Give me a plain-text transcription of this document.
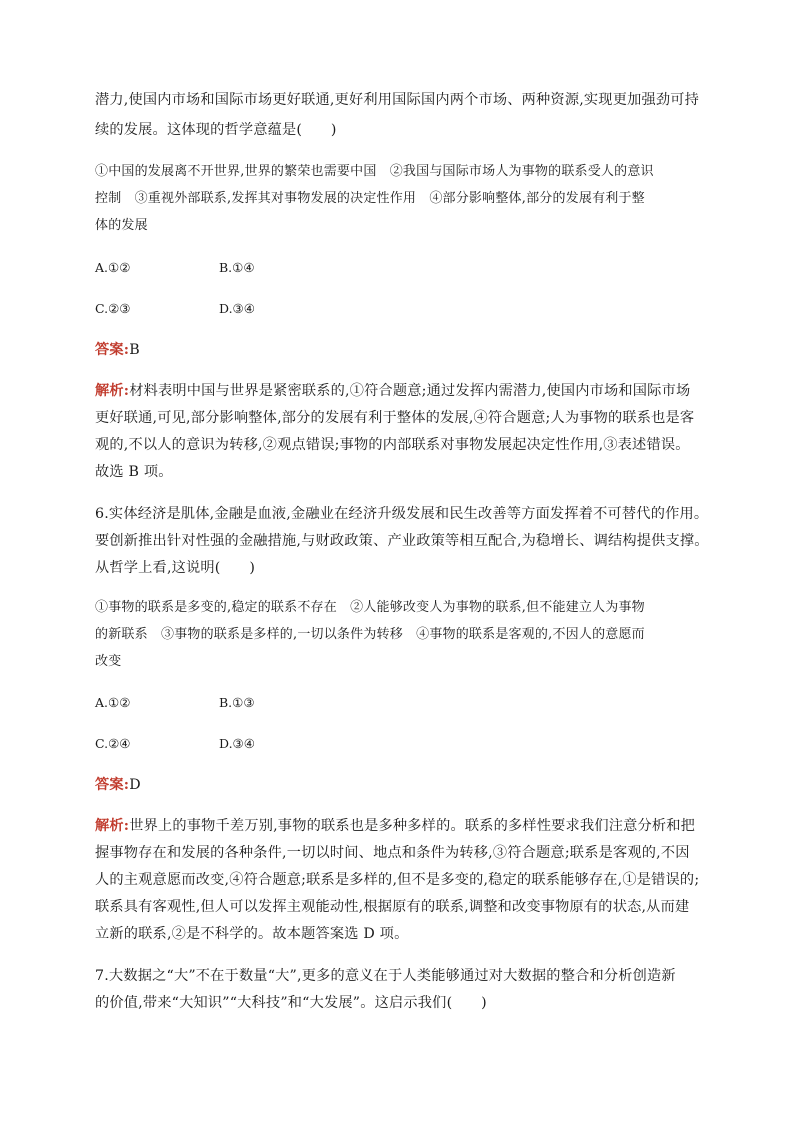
潜力,使国内市场和国际市场更好联通,更好利用国际国内两个市场、两种资源,实现更加强劲可持
续的发展。这体现的哲学意蕴是(　　)
①中国的发展离不开世界,世界的繁荣也需要中国　②我国与国际市场人为事物的联系受人的意识
控制　③重视外部联系,发挥其对事物发展的决定性作用　④部分影响整体,部分的发展有利于整
体的发展
A.①②	B.①④
C.②③	D.③④
答案:B
解析:材料表明中国与世界是紧密联系的,①符合题意;通过发挥内需潜力,使国内市场和国际市场
更好联通,可见,部分影响整体,部分的发展有利于整体的发展,④符合题意;人为事物的联系也是客
观的,不以人的意识为转移,②观点错误;事物的内部联系对事物发展起决定性作用,③表述错误。
故选 B 项。
6.实体经济是肌体,金融是血液,金融业在经济升级发展和民生改善等方面发挥着不可替代的作用。
要创新推出针对性强的金融措施,与财政政策、产业政策等相互配合,为稳增长、调结构提供支撑。
从哲学上看,这说明(　　)
①事物的联系是多变的,稳定的联系不存在　②人能够改变人为事物的联系,但不能建立人为事物
的新联系　③事物的联系是多样的,一切以条件为转移　④事物的联系是客观的,不因人的意愿而
改变
A.①②	B.①③
C.②④	D.③④
答案:D
解析:世界上的事物千差万别,事物的联系也是多种多样的。联系的多样性要求我们注意分析和把
握事物存在和发展的各种条件,一切以时间、地点和条件为转移,③符合题意;联系是客观的,不因
人的主观意愿而改变,④符合题意;联系是多样的,但不是多变的,稳定的联系能够存在,①是错误的;
联系具有客观性,但人可以发挥主观能动性,根据原有的联系,调整和改变事物原有的状态,从而建
立新的联系,②是不科学的。故本题答案选 D 项。
7.大数据之“大”不在于数量“大”,更多的意义在于人类能够通过对大数据的整合和分析创造新
的价值,带来“大知识”“大科技”和“大发展”。这启示我们(　　)
